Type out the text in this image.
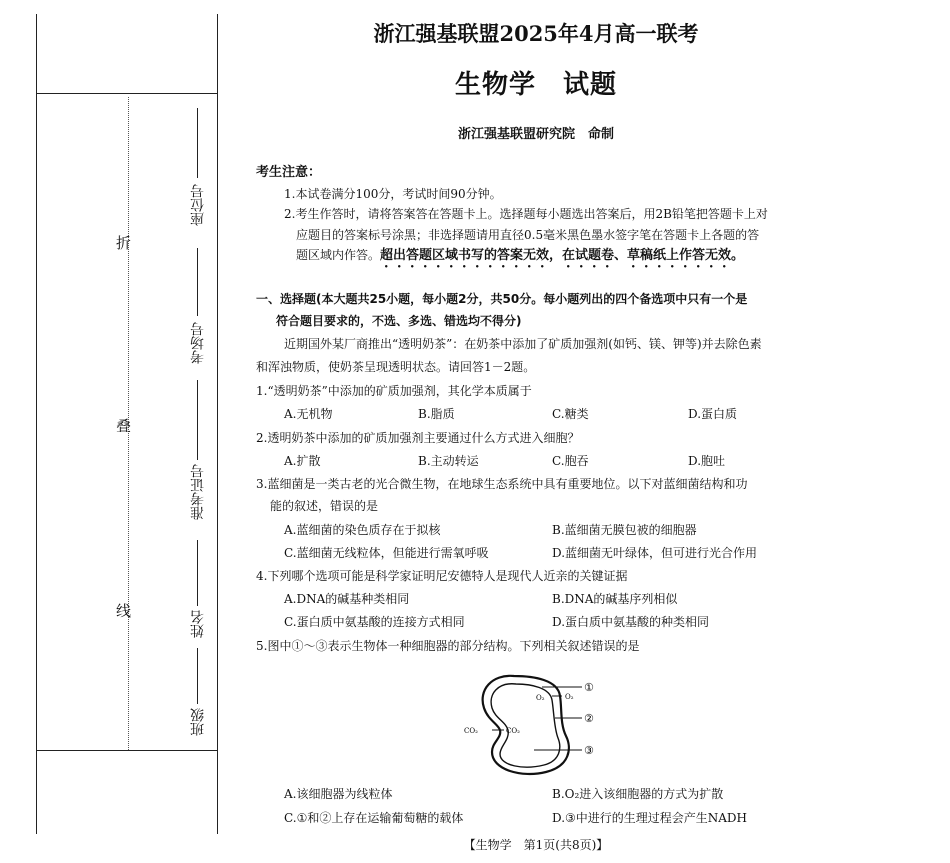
折
叠
线
座位号
考场号
准考证号
姓名
班级
浙江强基联盟2025年4月高一联考
生物学　试题
浙江强基联盟研究院　命制
考生注意：
1.本试卷满分100分，考试时间90分钟。
2.考生作答时，请将答案答在答题卡上。选择题每小题选出答案后，用2B铅笔把答题卡上对
应题目的答案标号涂黑；非选择题请用直径0.5毫米黑色墨水签字笔在答题卡上各题的答
题区域内作答。超出答题区域书写的答案无效，在试题卷、草稿纸上作答无效。
一、选择题(本大题共25小题，每小题2分，共50分。每小题列出的四个备选项中只有一个是
符合题目要求的，不选、多选、错选均不得分)
近期国外某厂商推出“透明奶茶”：在奶茶中添加了矿质加强剂(如钙、镁、钾等)并去除色素
和浑浊物质，使奶茶呈现透明状态。请回答1－2题。
1.“透明奶茶”中添加的矿质加强剂，其化学本质属于
A.无机物	B.脂质	C.糖类	D.蛋白质
2.透明奶茶中添加的矿质加强剂主要通过什么方式进入细胞？
A.扩散	B.主动转运	C.胞吞	D.胞吐
3.蓝细菌是一类古老的光合微生物，在地球生态系统中具有重要地位。以下对蓝细菌结构和功
能的叙述，错误的是
A.蓝细菌的染色质存在于拟核	B.蓝细菌无膜包被的细胞器
C.蓝细菌无线粒体，但能进行需氧呼吸	D.蓝细菌无叶绿体，但可进行光合作用
4.下列哪个选项可能是科学家证明尼安德特人是现代人近亲的关键证据
A.DNA的碱基种类相同	B.DNA的碱基序列相似
C.蛋白质中氨基酸的连接方式相同	D.蛋白质中氨基酸的种类相同
5.图中①～③表示生物体一种细胞器的部分结构。下列相关叙述错误的是
①
②
③
O₂	O₂
CO₂	CO₂
A.该细胞器为线粒体	B.O₂进入该细胞器的方式为扩散
C.①和②上存在运输葡萄糖的载体	D.③中进行的生理过程会产生NADH
【生物学　第1页(共8页)】
